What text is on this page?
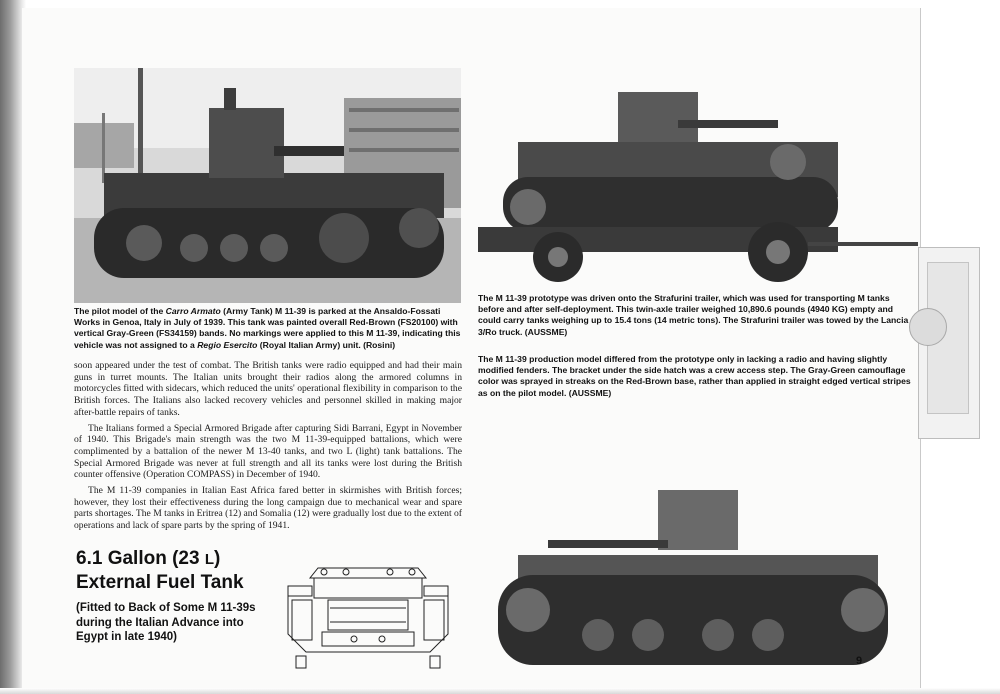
The pilot model of the Carro Armato (Army Tank) M 11-39 is parked at the Ansaldo-Fossati Works in Genoa, Italy in July of 1939. This tank was painted overall Red-Brown (FS20100) with vertical Gray-Green (FS34159) bands. No markings were applied to this M 11-39, indicating this vehicle was not assigned to a Regio Esercito (Royal Italian Army) unit. (Rosini)

The M 11-39 prototype was driven onto the Strafurini trailer, which was used for transporting M tanks before and after self-deployment. This twin-axle trailer weighed 10,890.6 pounds (4940 KG) empty and could carry tanks weighing up to 15.4 tons (14 metric tons). The Strafurini trailer was towed by the Lancia 3/Ro truck. (AUSSME)

The M 11-39 production model differed from the prototype only in lacking a radio and having slightly modified fenders. The bracket under the side hatch was a crew access step. The Gray-Green camouflage color was sprayed in streaks on the Red-Brown base, rather than applied in straight edged vertical stripes as on the pilot model. (AUSSME)

soon appeared under the test of combat. The British tanks were radio equipped and had their main guns in turret mounts. The Italian units brought their radios along the armored columns in motorcycles fitted with sidecars, which reduced the units' operational flexibility in comparison to the British forces. The Italians also lacked recovery vehicles and personnel skilled in making major after-battle repairs of tanks.

The Italians formed a Special Armored Brigade after capturing Sidi Barrani, Egypt in November of 1940. This Brigade's main strength was the two M 11-39-equipped battalions, which were complimented by a battalion of the newer M 13-40 tanks, and two L (light) tank battalions. The Special Armored Brigade was never at full strength and all its tanks were lost during the British counter offensive (Operation COMPASS) in December of 1940.

The M 11-39 companies in Italian East Africa fared better in skirmishes with British forces; however, they lost their effectiveness during the long campaign due to mechanical wear and spare parts shortages. The M tanks in Eritrea (12) and Somalia (12) were gradually lost due to the extent of operations and lack of spare parts by the spring of 1941.

6.1 Gallon (23 L)
External Fuel Tank

(Fitted to Back of Some M 11-39s during the Italian Advance into Egypt in late 1940)

9
